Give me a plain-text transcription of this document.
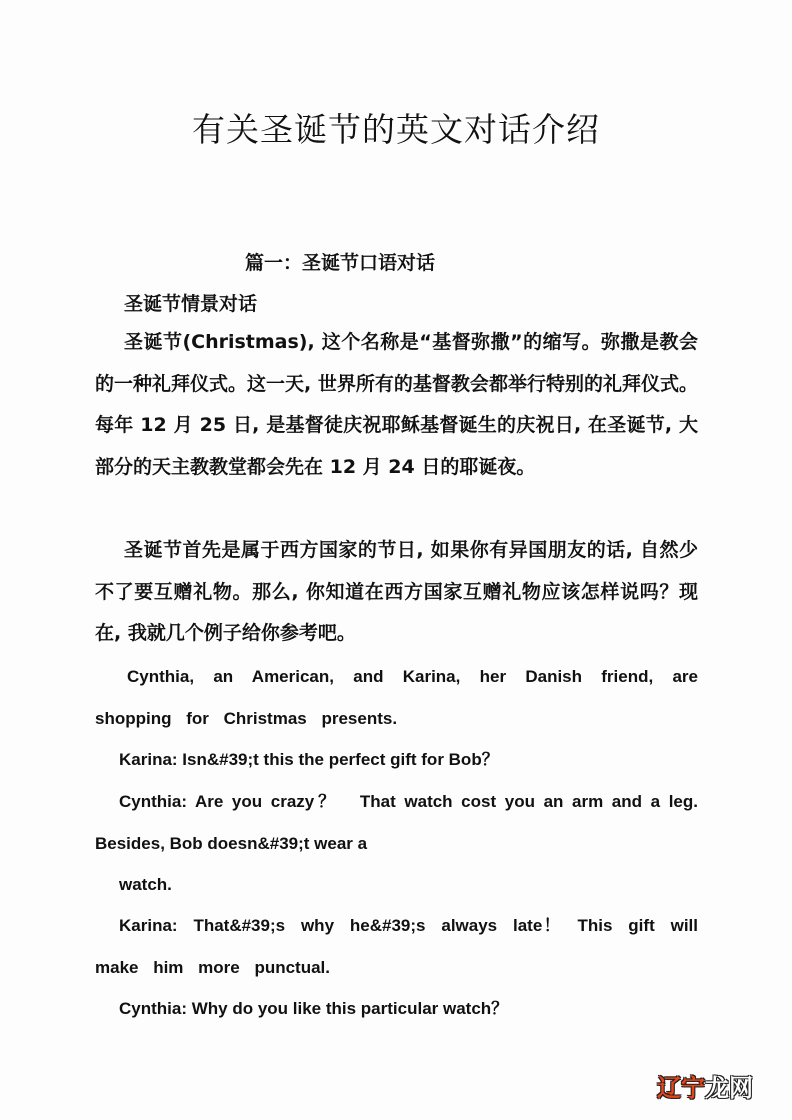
有关圣诞节的英文对话介绍
篇一：圣诞节口语对话
圣诞节情景对话
圣诞节(Christmas), 这个名称是“基督弥撒”的缩写。弥撒是教会的一种礼拜仪式。这一天, 世界所有的基督教会都举行特别的礼拜仪式。每年 12 月 25 日, 是基督徒庆祝耶稣基督诞生的庆祝日, 在圣诞节, 大部分的天主教教堂都会先在 12 月 24 日的耶诞夜。
圣诞节首先是属于西方国家的节日, 如果你有异国朋友的话, 自然少不了要互赠礼物。那么, 你知道在西方国家互赠礼物应该怎样说吗？现在, 我就几个例子给你参考吧。
Cynthia, an American, and Karina, her Danish friend, are shopping for Christmas presents.
Karina: Isn&#39;t this the perfect gift for Bob？
Cynthia: Are you crazy？　That watch cost you an arm and a leg. Besides, Bob doesn&#39;t wear a
watch.
Karina: That&#39;s why he&#39;s always late！ This gift will make him more punctual.
Cynthia: Why do you like this particular watch？
辽宁龙网
